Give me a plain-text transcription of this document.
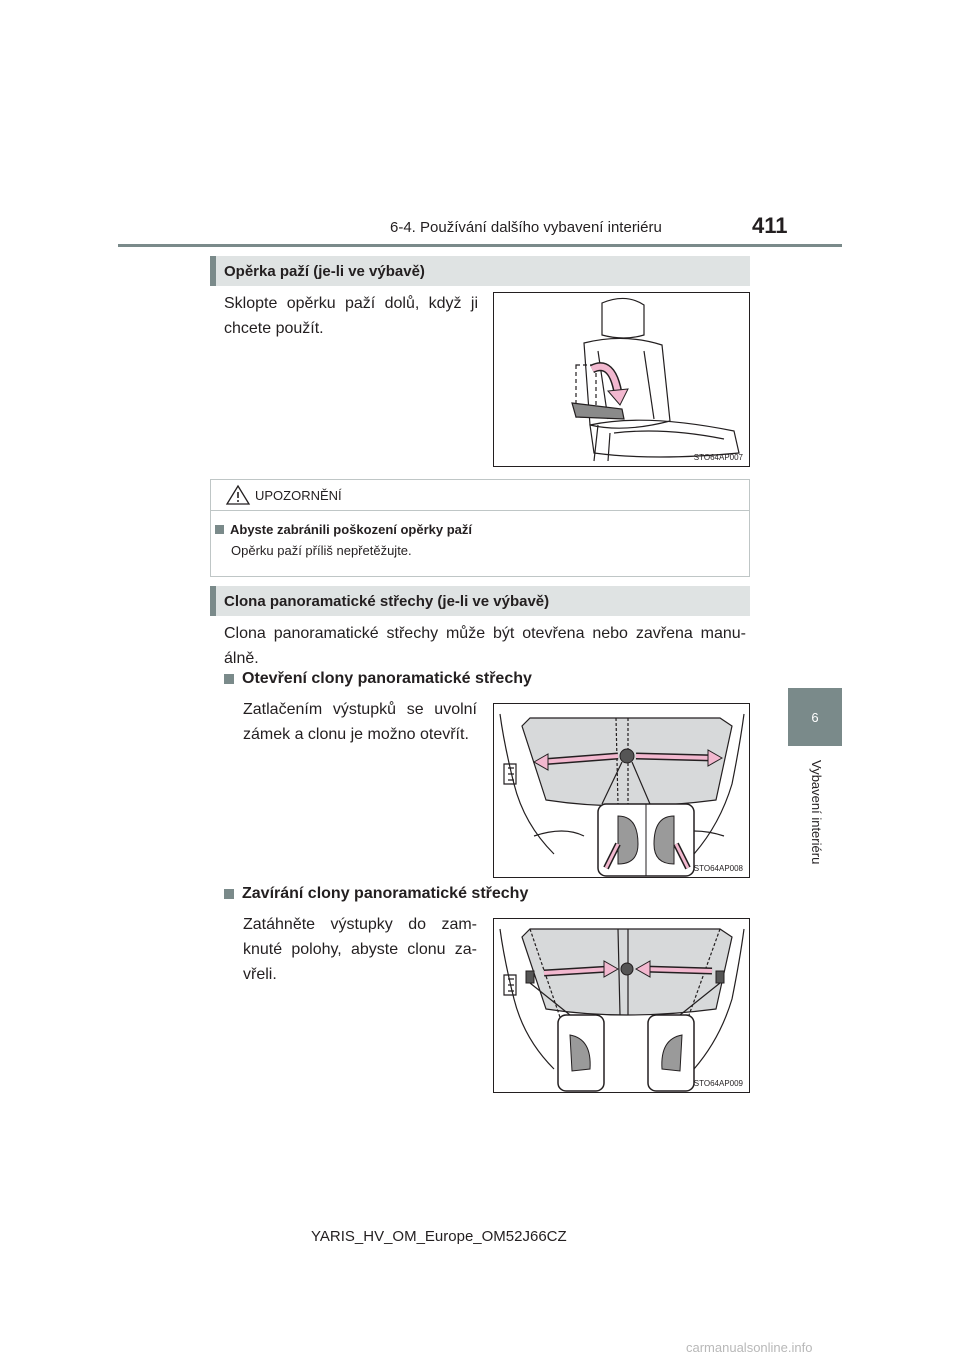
6-4. Používání dalšího vybavení interiéru	411
6
Vybavení interiéru
Opěrka paží (je-li ve výbavě)
Sklopte opěrku paží dolů, když ji
chcete použít.
STO64AP007
UPOZORNĚNÍ
Abyste zabránili poškození opěrky paží
Opěrku paží příliš nepřetěžujte.
Clona panoramatické střechy (je-li ve výbavě)
Clona panoramatické střechy může být otevřena nebo zavřena manu-
álně.
Otevření clony panoramatické střechy
Zatlačením výstupků se uvolní
zámek a clonu je možno otevřít.
STO64AP008
Zavírání clony panoramatické střechy
Zatáhněte výstupky do zam-
knuté polohy, abyste clonu za-
vřeli.
STO64AP009
YARIS_HV_OM_Europe_OM52J66CZ
carmanualsonline.info
